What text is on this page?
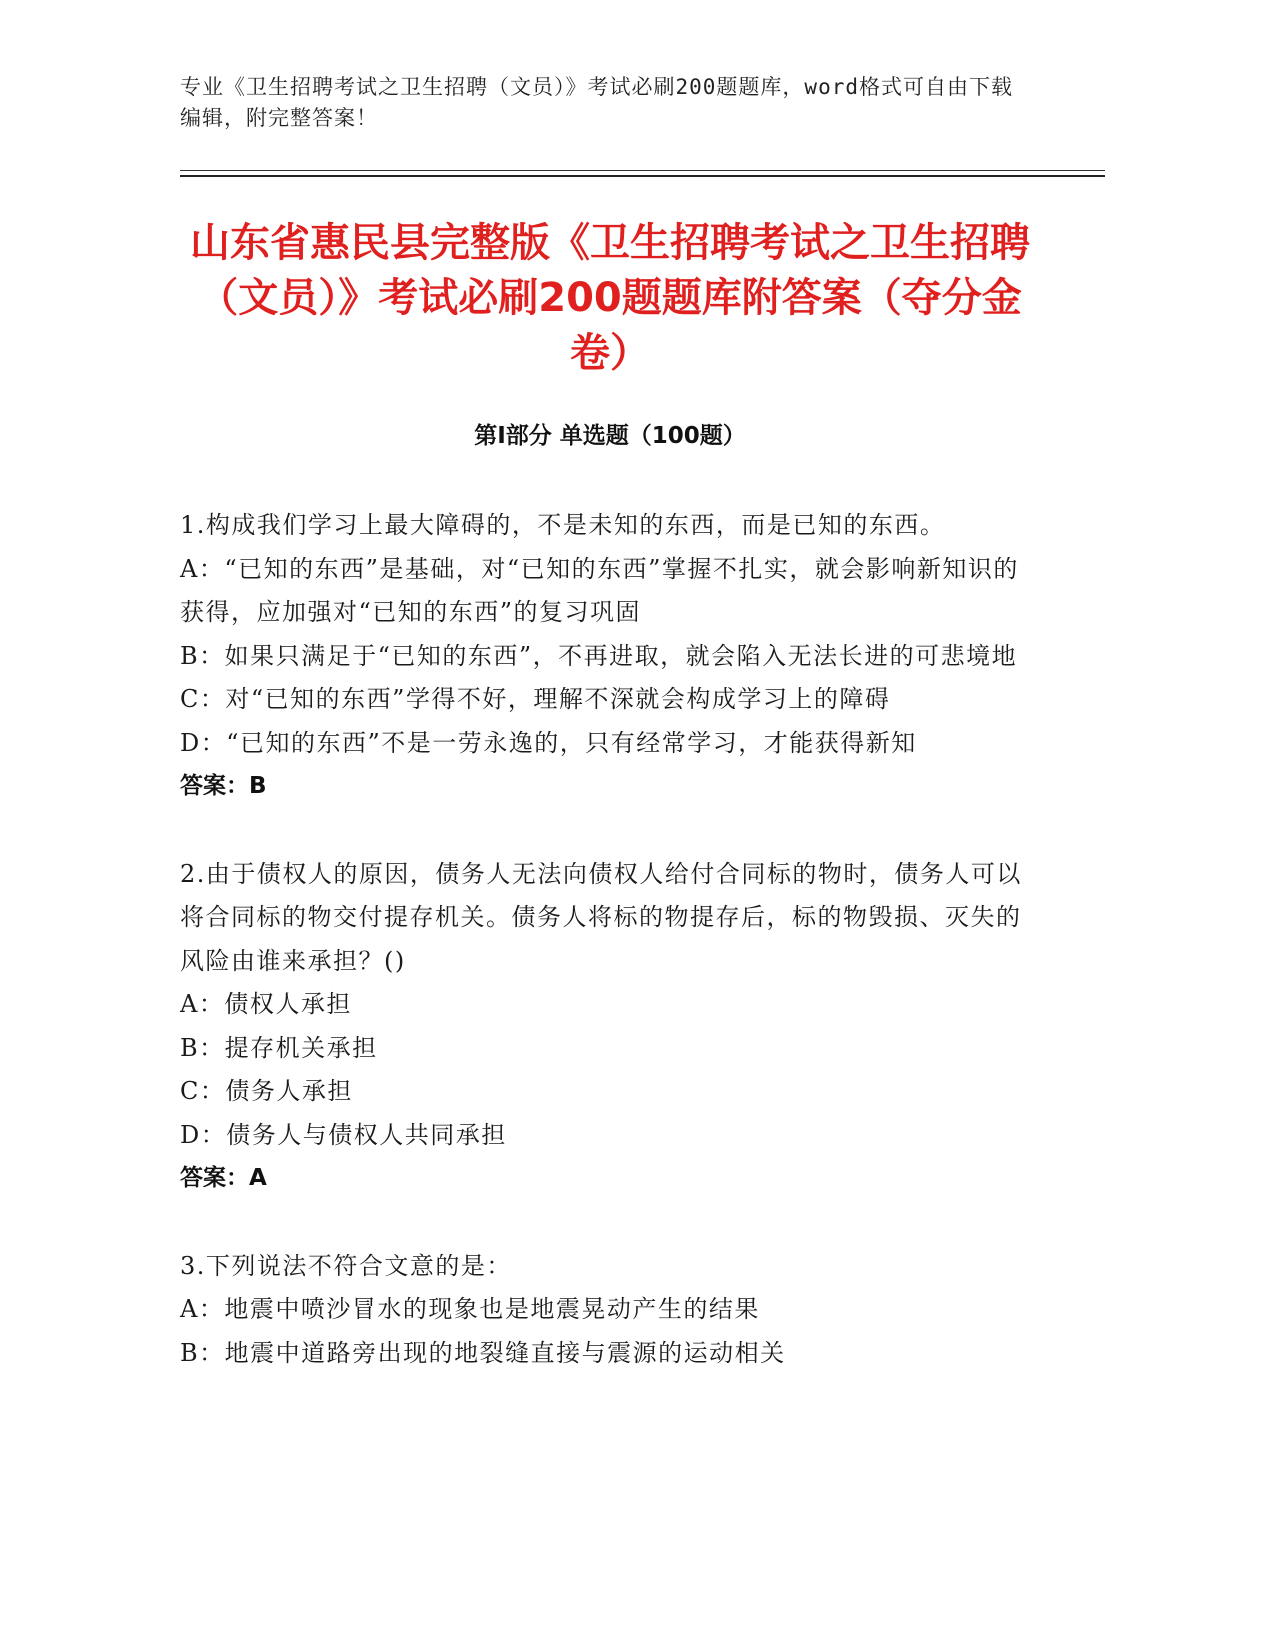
专业《卫生招聘考试之卫生招聘（文员）》考试必刷200题题库，word格式可自由下载编辑，附完整答案！
山东省惠民县完整版《卫生招聘考试之卫生招聘（文员）》考试必刷200题题库附答案（夺分金卷）
第Ⅰ部分 单选题（100题）
1.构成我们学习上最大障碍的，不是未知的东西，而是已知的东西。
A：“已知的东西”是基础，对“已知的东西”掌握不扎实，就会影响新知识的获得，应加强对“已知的东西”的复习巩固
B：如果只满足于“已知的东西”，不再进取，就会陷入无法长进的可悲境地
C：对“已知的东西”学得不好，理解不深就会构成学习上的障碍
D：“已知的东西”不是一劳永逸的，只有经常学习，才能获得新知
答案：B
2.由于债权人的原因，债务人无法向债权人给付合同标的物时，债务人可以将合同标的物交付提存机关。债务人将标的物提存后，标的物毁损、灭失的风险由谁来承担？()
A：债权人承担
B：提存机关承担
C：债务人承担
D：债务人与债权人共同承担
答案：A
3.下列说法不符合文意的是：
A：地震中喷沙冒水的现象也是地震晃动产生的结果
B：地震中道路旁出现的地裂缝直接与震源的运动相关
